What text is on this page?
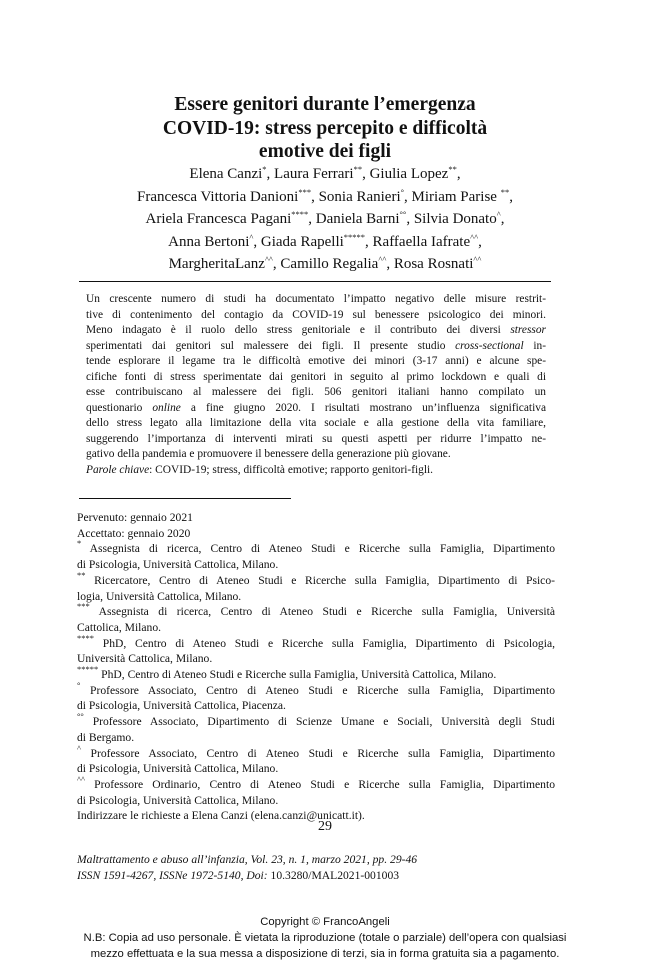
Essere genitori durante l’emergenza
COVID-19: stress percepito e difficoltà
emotive dei figli
Elena Canzi*, Laura Ferrari**, Giulia Lopez**,
Francesca Vittoria Danioni***, Sonia Ranieri°, Miriam Parise **,
Ariela Francesca Pagani****, Daniela Barni°°, Silvia Donato^,
Anna Bertoni^, Giada Rapelli*****, Raffaella Iafrate^^,
MargheritaLanz^^, Camillo Regalia^^, Rosa Rosnati^^
Un crescente numero di studi ha documentato l’impatto negativo delle misure restrit-
tive di contenimento del contagio da COVID-19 sul benessere psicologico dei minori.
Meno indagato è il ruolo dello stress genitoriale e il contributo dei diversi stressor
sperimentati dai genitori sul malessere dei figli. Il presente studio cross-sectional in-
tende esplorare il legame tra le difficoltà emotive dei minori (3-17 anni) e alcune spe-
cifiche fonti di stress sperimentate dai genitori in seguito al primo lockdown e quali di
esse contribuiscano al malessere dei figli. 506 genitori italiani hanno compilato un
questionario online a fine giugno 2020. I risultati mostrano un’influenza significativa
dello stress legato alla limitazione della vita sociale e alla gestione della vita familiare,
suggerendo l’importanza di interventi mirati su questi aspetti per ridurre l’impatto ne-
gativo della pandemia e promuovere il benessere della generazione più giovane.
Parole chiave: COVID-19; stress, difficoltà emotive; rapporto genitori-figli.
Pervenuto: gennaio 2021
Accettato: gennaio 2020
* Assegnista di ricerca, Centro di Ateneo Studi e Ricerche sulla Famiglia, Dipartimento
di Psicologia, Università Cattolica, Milano.
** Ricercatore, Centro di Ateneo Studi e Ricerche sulla Famiglia, Dipartimento di Psico-
logia, Università Cattolica, Milano.
*** Assegnista di ricerca, Centro di Ateneo Studi e Ricerche sulla Famiglia, Università
Cattolica, Milano.
**** PhD, Centro di Ateneo Studi e Ricerche sulla Famiglia, Dipartimento di Psicologia,
Università Cattolica, Milano.
***** PhD, Centro di Ateneo Studi e Ricerche sulla Famiglia, Università Cattolica, Milano.
° Professore Associato, Centro di Ateneo Studi e Ricerche sulla Famiglia, Dipartimento
di Psicologia, Università Cattolica, Piacenza.
°° Professore Associato, Dipartimento di Scienze Umane e Sociali, Università degli Studi
di Bergamo.
^ Professore Associato, Centro di Ateneo Studi e Ricerche sulla Famiglia, Dipartimento
di Psicologia, Università Cattolica, Milano.
^^ Professore Ordinario, Centro di Ateneo Studi e Ricerche sulla Famiglia, Dipartimento
di Psicologia, Università Cattolica, Milano.
Indirizzare le richieste a Elena Canzi (elena.canzi@unicatt.it).
29
Maltrattamento e abuso all’infanzia, Vol. 23, n. 1, marzo 2021, pp. 29-46
ISSN 1591-4267, ISSNe 1972-5140, Doi: 10.3280/MAL2021-001003
Copyright © FrancoAngeli
N.B: Copia ad uso personale. È vietata la riproduzione (totale o parziale) dell’opera con qualsiasi
mezzo effettuata e la sua messa a disposizione di terzi, sia in forma gratuita sia a pagamento.
